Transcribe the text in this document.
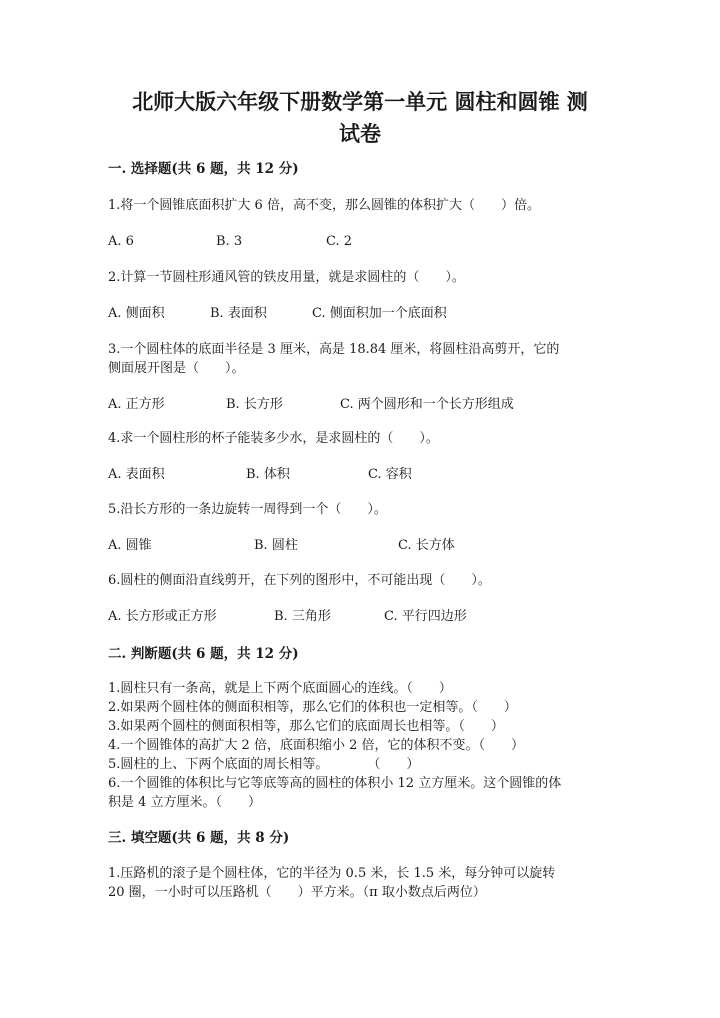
北师大版六年级下册数学第一单元 圆柱和圆锥 测
试卷
一. 选择题(共 6 题，共 12 分)
1.将一个圆锥底面积扩大 6 倍，高不变，那么圆锥的体积扩大（　　）倍。
A. 6	B. 3	C. 2
2.计算一节圆柱形通风管的铁皮用量，就是求圆柱的（　　）。
A. 侧面积	B. 表面积	C. 侧面积加一个底面积
3.一个圆柱体的底面半径是 3 厘米，高是 18.84 厘米，将圆柱沿高剪开，它的
侧面展开图是（　　）。
A. 正方形	B. 长方形	C. 两个圆形和一个长方形组成
4.求一个圆柱形的杯子能装多少水，是求圆柱的（　　）。
A. 表面积	B. 体积	C. 容积
5.沿长方形的一条边旋转一周得到一个（　　）。
A. 圆锥	B. 圆柱	C. 长方体
6.圆柱的侧面沿直线剪开，在下列的图形中，不可能出现（　　）。
A. 长方形或正方形	B. 三角形	C. 平行四边形
二. 判断题(共 6 题，共 12 分)
1.圆柱只有一条高，就是上下两个底面圆心的连线。（　　）
2.如果两个圆柱体的侧面积相等，那么它们的体积也一定相等。（　　）
3.如果两个圆柱的侧面积相等，那么它们的底面周长也相等。（　　）
4.一个圆锥体的高扩大 2 倍，底面积缩小 2 倍，它的体积不变。（　　）
5.圆柱的上、下两个底面的周长相等。　　　　（　　）
6.一个圆锥的体积比与它等底等高的圆柱的体积小 12 立方厘米。这个圆锥的体
积是 4 立方厘米。（　　）
三. 填空题(共 6 题，共 8 分)
1.压路机的滚子是个圆柱体，它的半径为 0.5 米，长 1.5 米，每分钟可以旋转
20 圈，一小时可以压路机（　　）平方米。（π 取小数点后两位）
